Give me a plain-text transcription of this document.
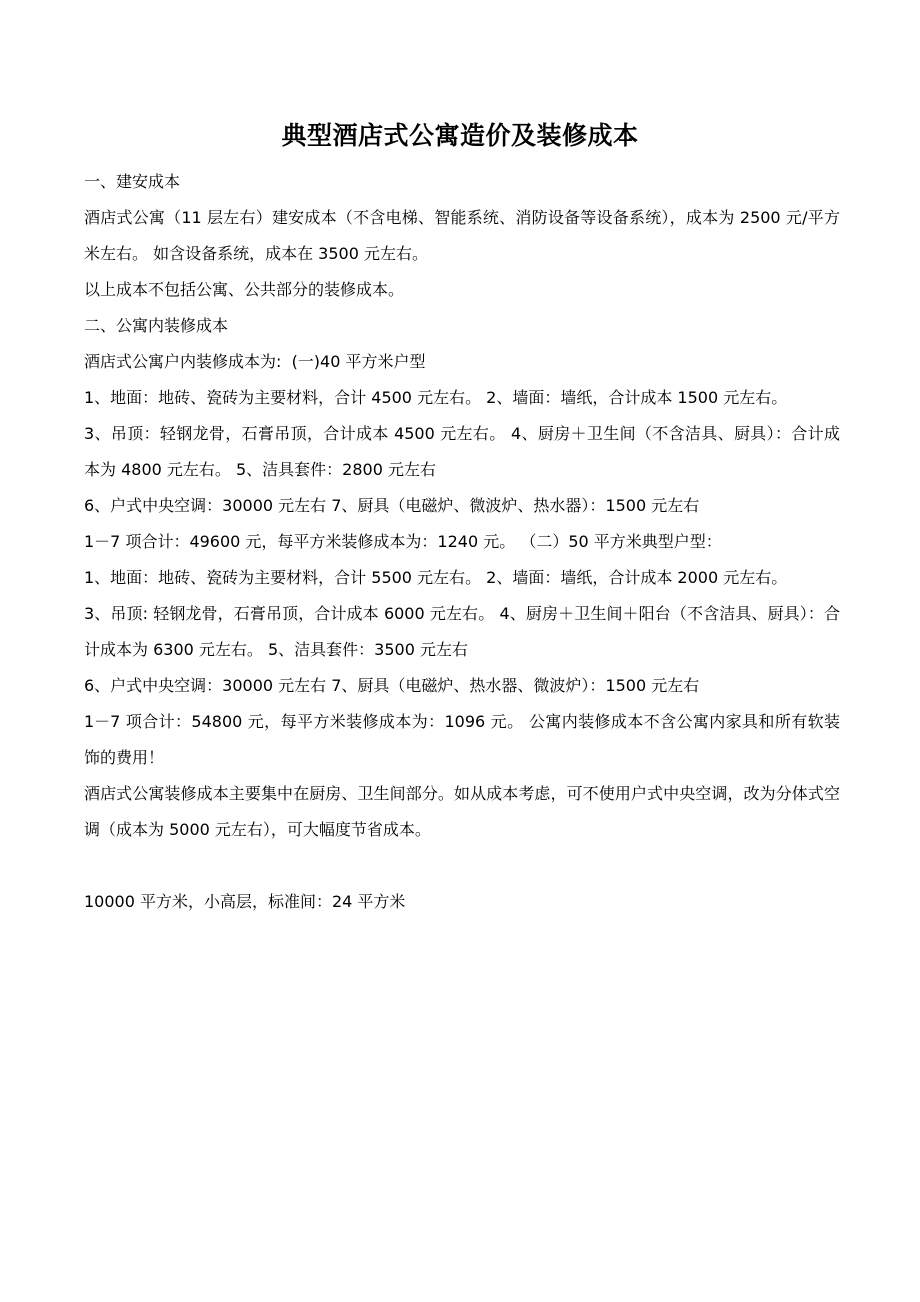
典型酒店式公寓造价及装修成本

一、建安成本

酒店式公寓（11 层左右）建安成本（不含电梯、智能系统、消防设备等设备系统），成本为 2500 元/平方米左右。 如含设备系统，成本在 3500 元左右。

以上成本不包括公寓、公共部分的装修成本。

二、公寓内装修成本

酒店式公寓户内装修成本为:  (一)40 平方米户型

1、地面：地砖、瓷砖为主要材料，合计 4500 元左右。 2、墙面：墙纸，合计成本 1500 元左右。

3、吊顶：轻钢龙骨，石膏吊顶，合计成本 4500 元左右。 4、厨房＋卫生间（不含洁具、厨具）：合计成本为 4800 元左右。 5、洁具套件：2800 元左右

6、户式中央空调：30000 元左右 7、厨具（电磁炉、微波炉、热水器）：1500 元左右

1－7 项合计：49600 元，每平方米装修成本为：1240 元。 （二）50 平方米典型户型：

1、地面：地砖、瓷砖为主要材料，合计 5500 元左右。 2、墙面：墙纸，合计成本 2000 元左右。

3、吊顶: 轻钢龙骨，石膏吊顶，合计成本 6000 元左右。 4、厨房＋卫生间＋阳台（不含洁具、厨具）：合计成本为 6300 元左右。 5、洁具套件：3500 元左右

6、户式中央空调：30000 元左右 7、厨具（电磁炉、热水器、微波炉）：1500 元左右

1－7 项合计：54800 元，每平方米装修成本为：1096 元。 公寓内装修成本不含公寓内家具和所有软装饰的费用！

酒店式公寓装修成本主要集中在厨房、卫生间部分。如从成本考虑，可不使用户式中央空调，改为分体式空调（成本为 5000 元左右），可大幅度节省成本。

10000 平方米，小高层，标准间：24 平方米
